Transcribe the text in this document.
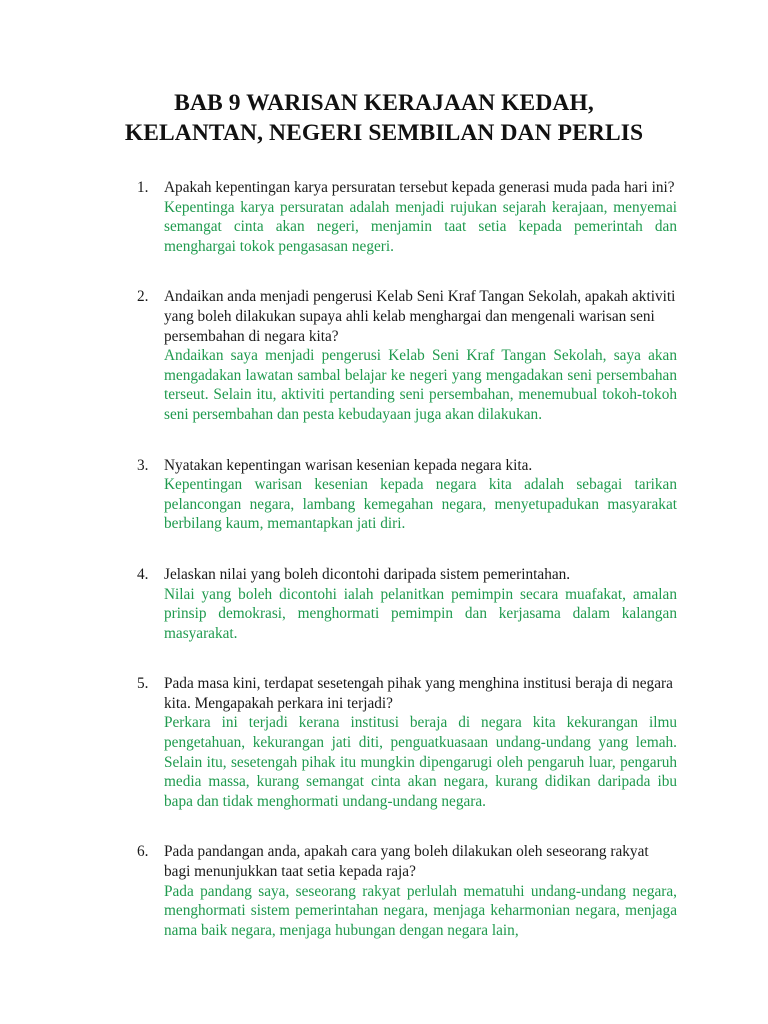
BAB 9 WARISAN KERAJAAN KEDAH,
KELANTAN, NEGERI SEMBILAN DAN PERLIS
1.	Apakah kepentingan karya persuratan tersebut kepada generasi muda pada hari ini?
Kepentinga karya persuratan adalah menjadi rujukan sejarah kerajaan, menyemai semangat cinta akan negeri, menjamin taat setia kepada pemerintah dan menghargai tokok pengasasan negeri.
2.	Andaikan anda menjadi pengerusi Kelab Seni Kraf Tangan Sekolah, apakah aktiviti yang boleh dilakukan supaya ahli kelab menghargai dan mengenali warisan seni persembahan di negara kita?
Andaikan saya menjadi pengerusi Kelab Seni Kraf Tangan Sekolah, saya akan mengadakan lawatan sambal belajar ke negeri yang mengadakan seni persembahan terseut. Selain itu, aktiviti pertanding seni persembahan, menemubual tokoh-tokoh seni persembahan dan pesta kebudayaan juga akan dilakukan.
3.	Nyatakan kepentingan warisan kesenian kepada negara kita.
Kepentingan warisan kesenian kepada negara kita adalah sebagai tarikan pelancongan negara, lambang kemegahan negara, menyetupadukan masyarakat berbilang kaum, memantapkan jati diri.
4.	Jelaskan nilai yang boleh dicontohi daripada sistem pemerintahan.
Nilai yang boleh dicontohi ialah pelanitkan pemimpin secara muafakat, amalan prinsip demokrasi, menghormati pemimpin dan kerjasama dalam kalangan masyarakat.
5.	Pada masa kini, terdapat sesetengah pihak yang menghina institusi beraja di negara kita. Mengapakah perkara ini terjadi?
Perkara ini terjadi kerana institusi beraja di negara kita kekurangan ilmu pengetahuan, kekurangan jati diti, penguatkuasaan undang-undang yang lemah. Selain itu, sesetengah pihak itu mungkin dipengarugi oleh pengaruh luar, pengaruh media massa, kurang semangat cinta akan negara, kurang didikan daripada ibu bapa dan tidak menghormati undang-undang negara.
6.	Pada pandangan anda, apakah cara yang boleh dilakukan oleh seseorang rakyat bagi menunjukkan taat setia kepada raja?
Pada pandang saya, seseorang rakyat perlulah mematuhi undang-undang negara, menghormati sistem pemerintahan negara, menjaga keharmonian negara, menjaga nama baik negara, menjaga hubungan dengan negara lain,
